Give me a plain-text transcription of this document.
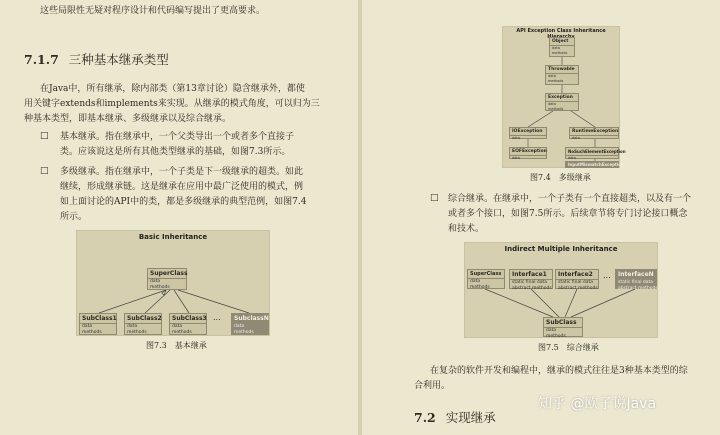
这些局限性无疑对程序设计和代码编写提出了更高要求。
7.1.7 三种基本继承类型
在Java中，所有继承，除内部类（第13章讨论）隐含继承外，都使
用关键字extends和implements来实现。从继承的模式角度，可以归为三
种基本类型，即基本继承、多级继承以及综合继承。
□ 基本继承。指在继承中，一个父类导出一个或者多个直接子
类。应该说这是所有其他类型继承的基础，如图7.3所示。
□ 多级继承。指在继承中，一个子类是下一级继承的超类。如此
继续，形成继承链。这是继承在应用中最广泛使用的模式，例
如上面讨论的API中的类，都是多级继承的典型范例，如图7.4
所示。
Basic Inheritance
SuperClass
data
methods
SubClass1
data
methods
SubClass2
data
methods
SubClass3
data
methods
...	SubclassN
data
methods
图7.3　基本继承
API Exception Class Inheritance
Object
data
methods
Throwable
data
methods
Exception
data
methods
IOException
data
RuntimeException
data
EOFException
data
NoSuchElementException
data
InputMismatchException
图7.4　多级继承
□ 综合继承。在继承中，一个子类有一个直接超类，以及有一个
或者多个接口，如图7.5所示。后续章节将专门讨论接口概念
和技术。
Indirect Multiple Inheritance
SuperClass
data
methods
Interface1
static final data
abstract methods
Interface2
static final data
abstract methods
...	InterfaceN
static final data
abstract methods
SubClass
data
methods
图7.5　综合继承
在复杂的软件开发和编程中，继承的模式往往是3种基本类型的综
合利用。
7.2 实现继承
知乎 @欧子说Java
